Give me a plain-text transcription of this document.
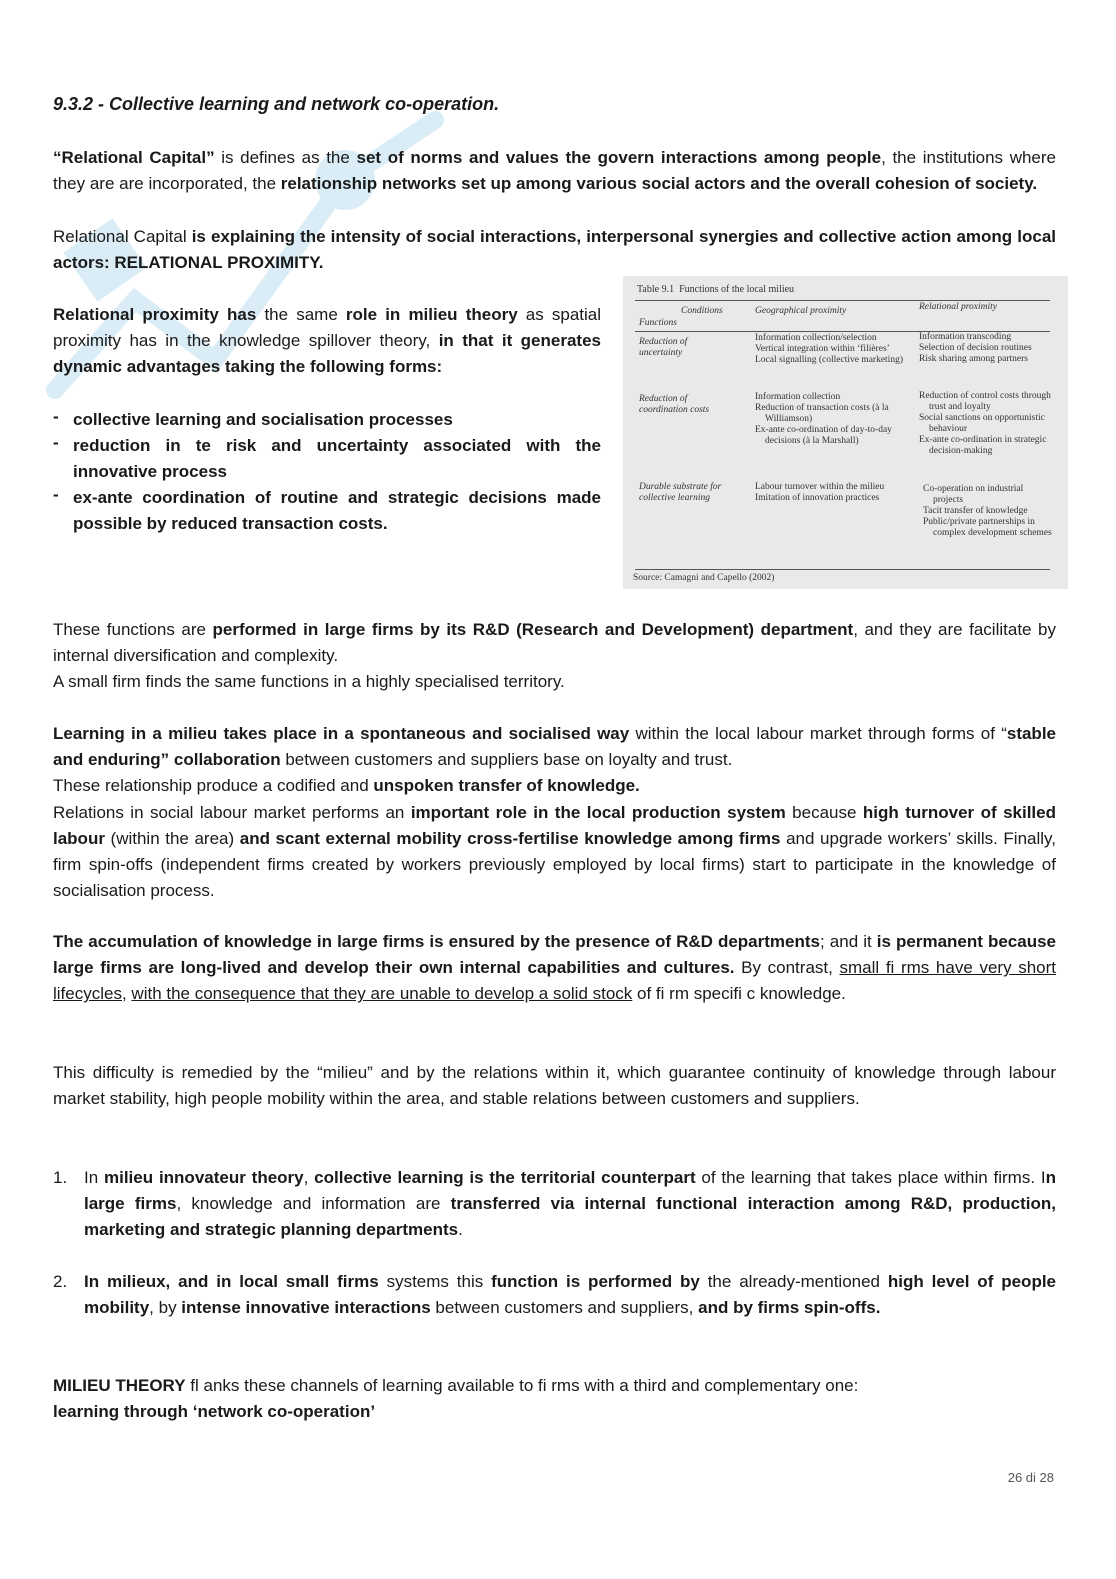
9.3.2 - Collective learning and network co-operation.
“Relational Capital” is defines as the set of norms and values the govern interactions among people, the institutions where they are are incorporated, the relationship networks set up among various social actors and the overall cohesion of society.
Relational Capital is explaining the intensity of social interactions, interpersonal synergies and collective action among local actors: RELATIONAL PROXIMITY.
Relational proximity has the same role in milieu theory as spatial proximity has in the knowledge spillover theory, in that it generates dynamic advantages taking the following forms:
- collective learning and socialisation processes
- reduction in te risk and uncertainty associated with the innovative process
- ex-ante coordination of routine and strategic decisions made possible by reduced transaction costs.
Table 9.1 Functions of the local milieu
Conditions
Functions
Geographical proximity	Relational proximity
Reduction of uncertainty
Information collection/selection
Vertical integration within ‘filières’
Local signalling (collective marketing)
Information transcoding
Selection of decision routines
Risk sharing among partners
Reduction of coordination costs
Information collection
Reduction of transaction costs (à la Williamson)
Ex-ante co-ordination of day-to-day decisions (à la Marshall)
Reduction of control costs through trust and loyalty
Social sanctions on opportunistic behaviour
Ex-ante co-ordination in strategic decision-making
Durable substrate for collective learning
Labour turnover within the milieu
Imitation of innovation practices
Co-operation on industrial projects
Tacit transfer of knowledge
Public/private partnerships in complex development schemes
Source: Camagni and Capello (2002)
These functions are performed in large firms by its R&D (Research and Development) department, and they are facilitate by internal diversification and complexity.
A small firm finds the same functions in a highly specialised territory.
Learning in a milieu takes place in a spontaneous and socialised way within the local labour market through forms of “stable and enduring” collaboration between customers and suppliers base on loyalty and trust.
These relationship produce a codified and unspoken transfer of knowledge.
Relations in social labour market performs an important role in the local production system because high turnover of skilled labour (within the area) and scant external mobility cross-fertilise knowledge among firms and upgrade workers’ skills. Finally, firm spin-offs (independent firms created by workers previously employed by local firms) start to participate in the knowledge of socialisation process.
The accumulation of knowledge in large firms is ensured by the presence of R&D departments; and it is permanent because large firms are long-lived and develop their own internal capabilities and cultures. By contrast, small fi rms have very short lifecycles, with the consequence that they are unable to develop a solid stock of fi rm specifi c knowledge.
This difficulty is remedied by the “milieu” and by the relations within it, which guarantee continuity of knowledge through labour market stability, high people mobility within the area, and stable relations between customers and suppliers.
1. In milieu innovateur theory, collective learning is the territorial counterpart of the learning that takes place within firms. In large firms, knowledge and information are transferred via internal functional interaction among R&D, production, marketing and strategic planning departments.
2. In milieux, and in local small firms systems this function is performed by the already-mentioned high level of people mobility, by intense innovative interactions between customers and suppliers, and by firms spin-offs.
MILIEU THEORY fl anks these channels of learning available to fi rms with a third and complementary one:
learning through ‘network co-operation’
26 di 28
